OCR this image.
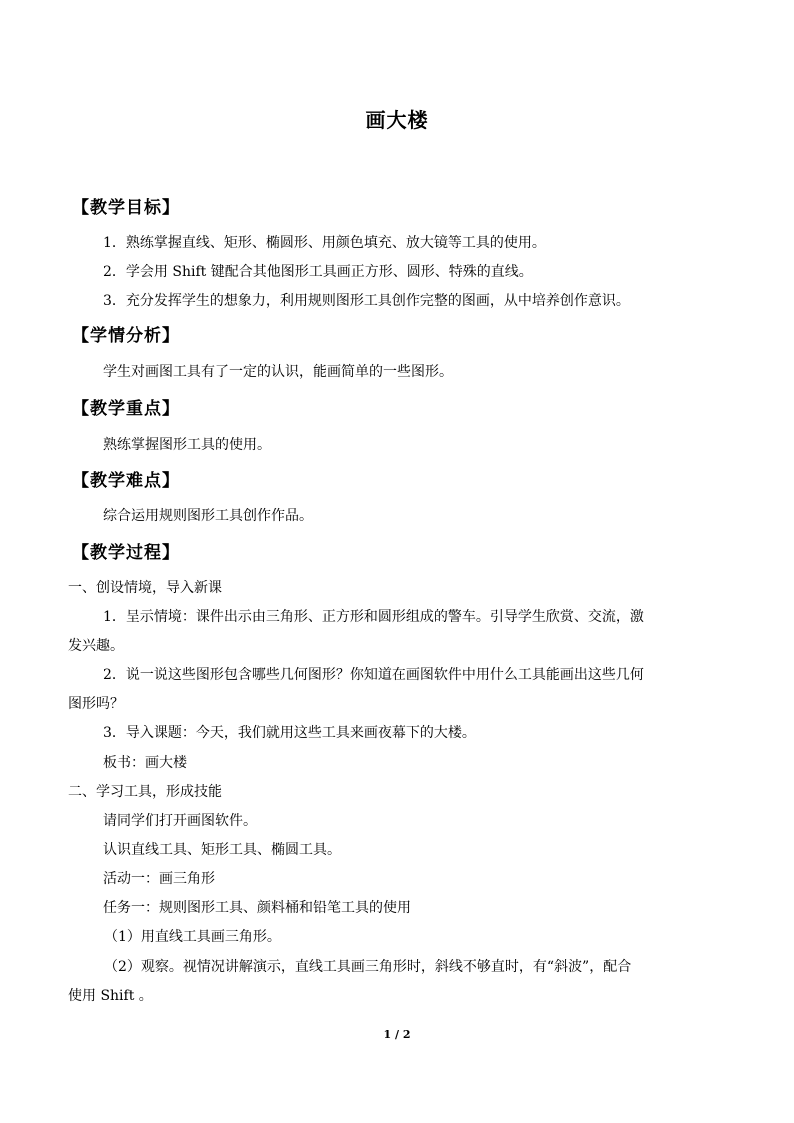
画大楼
【教学目标】
1．熟练掌握直线、矩形、椭圆形、用颜色填充、放大镜等工具的使用。
2．学会用 Shift 键配合其他图形工具画正方形、圆形、特殊的直线。
3．充分发挥学生的想象力，利用规则图形工具创作完整的图画，从中培养创作意识。
【学情分析】
学生对画图工具有了一定的认识，能画简单的一些图形。
【教学重点】
熟练掌握图形工具的使用。
【教学难点】
综合运用规则图形工具创作作品。
【教学过程】
一、创设情境，导入新课
1．呈示情境：课件出示由三角形、正方形和圆形组成的警车。引导学生欣赏、交流，激
发兴趣。
2．说一说这些图形包含哪些几何图形？你知道在画图软件中用什么工具能画出这些几何
图形吗？
3．导入课题：今天，我们就用这些工具来画夜幕下的大楼。
板书：画大楼
二、学习工具，形成技能
请同学们打开画图软件。
认识直线工具、矩形工具、椭圆工具。
活动一：画三角形
任务一：规则图形工具、颜料桶和铅笔工具的使用
（1）用直线工具画三角形。
（2）观察。视情况讲解演示，直线工具画三角形时，斜线不够直时，有“斜波”，配合
使用 Shift 。
1 / 2
